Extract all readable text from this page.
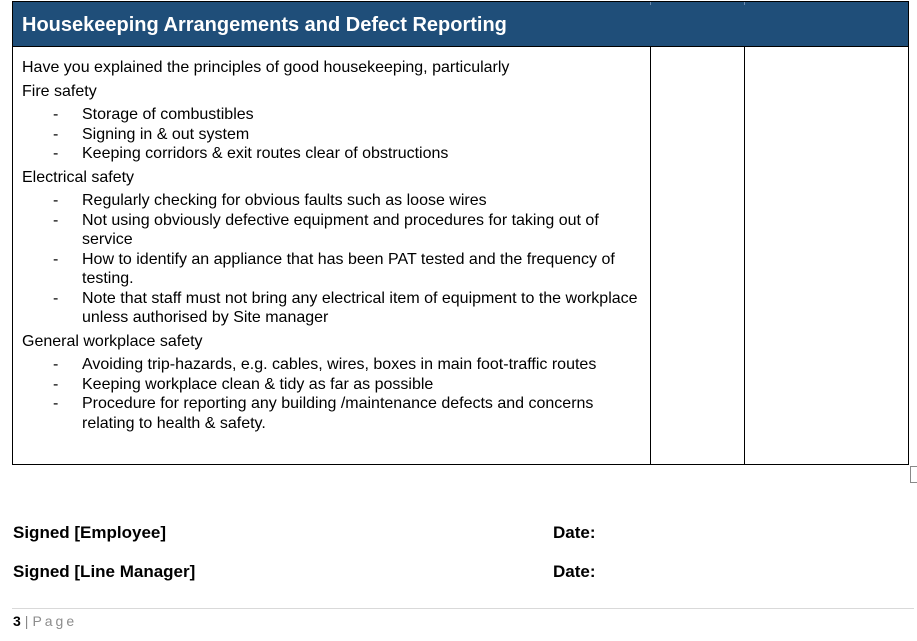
Housekeeping Arrangements and Defect Reporting
Have you explained the principles of good housekeeping, particularly
Fire safety
- Storage of combustibles
- Signing in & out system
- Keeping corridors & exit routes clear of obstructions
Electrical safety
- Regularly checking for obvious faults such as loose wires
- Not using obviously defective equipment and procedures for taking out of service
- How to identify an appliance that has been PAT tested and the frequency of testing.
- Note that staff must not bring any electrical item of equipment to the workplace unless authorised by Site manager
General workplace safety
- Avoiding trip-hazards, e.g. cables, wires, boxes in main foot-traffic routes
- Keeping workplace clean & tidy as far as possible
- Procedure for reporting any building /maintenance defects and concerns relating to health & safety.
Signed [Employee]	Date:
Signed [Line Manager]	Date:
3 | Page
